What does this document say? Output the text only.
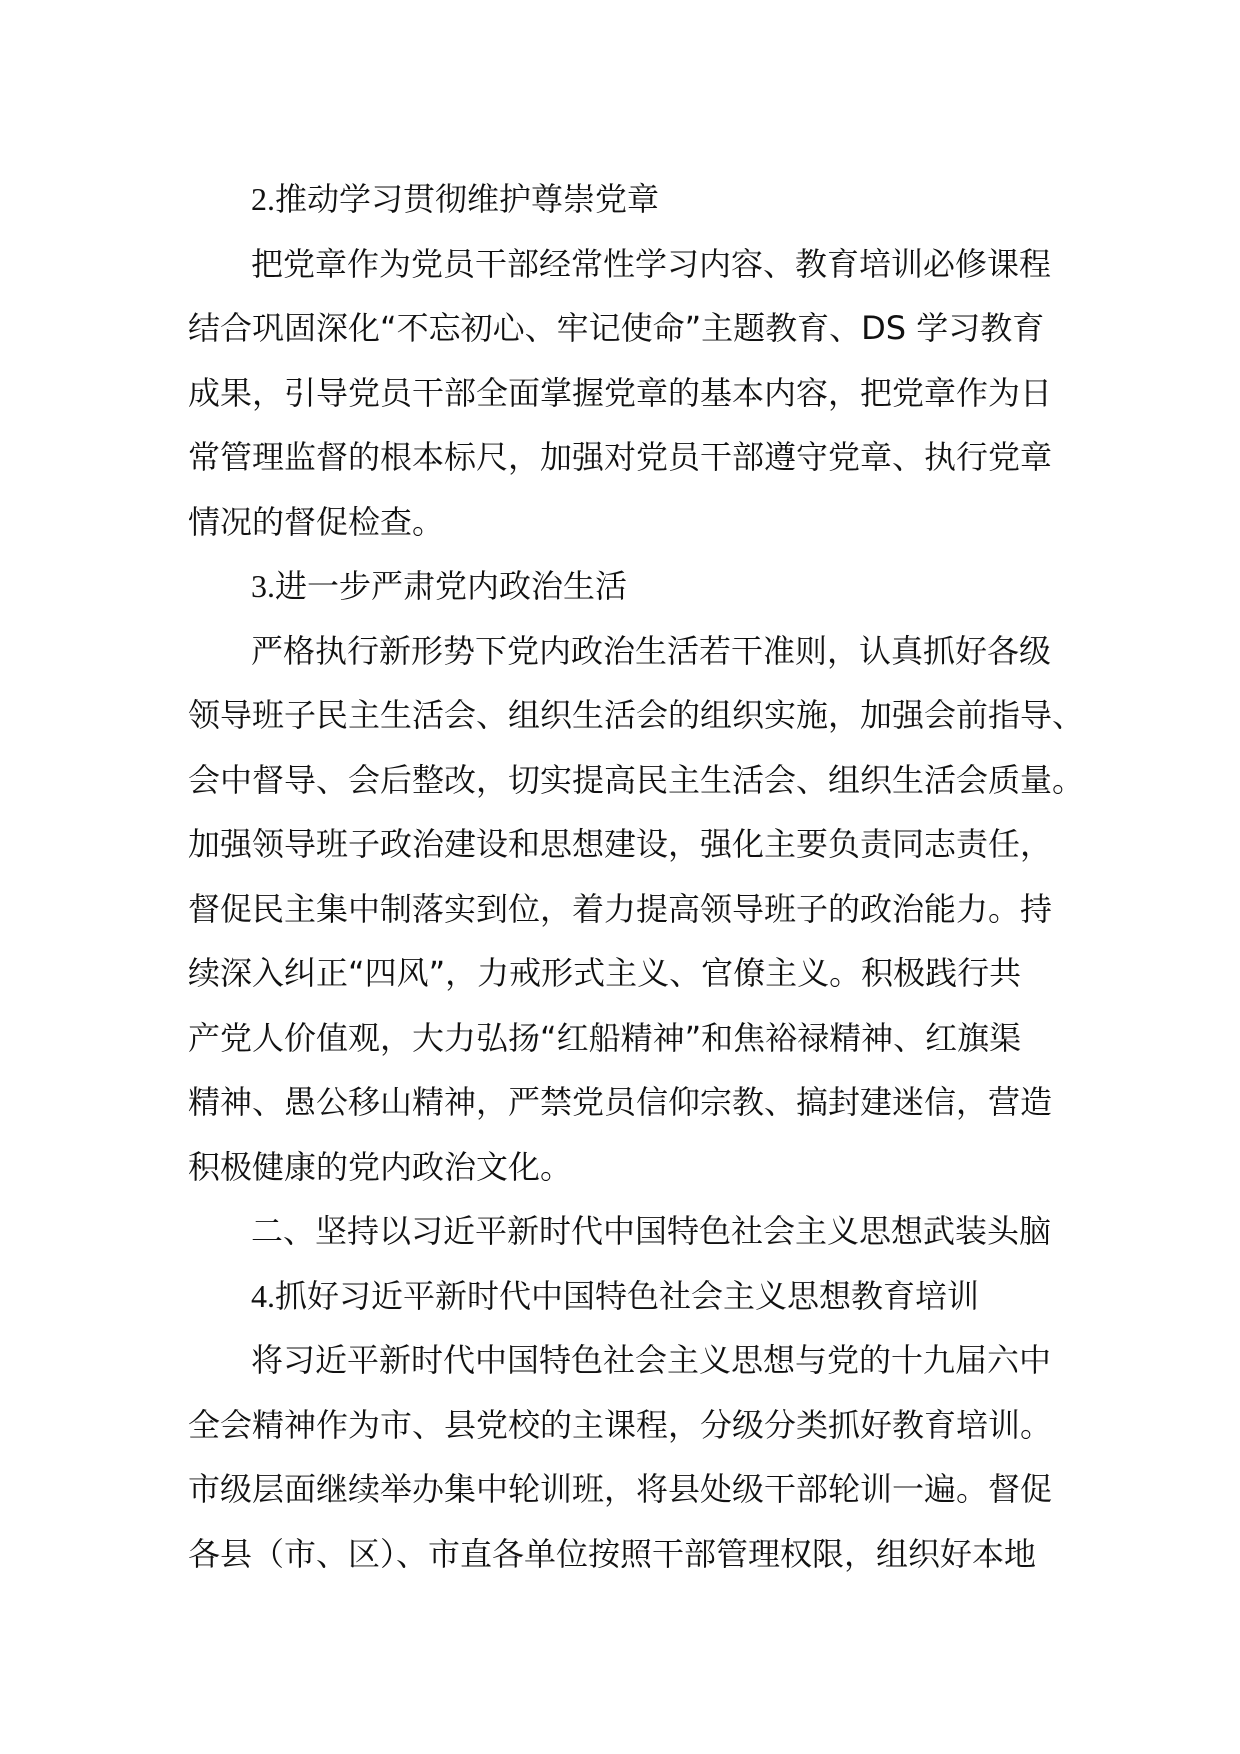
2.推动学习贯彻维护尊崇党章
把党章作为党员干部经常性学习内容、教育培训必修课程
结合巩固深化“不忘初心、牢记使命”主题教育、DS 学习教育
成果，引导党员干部全面掌握党章的基本内容，把党章作为日
常管理监督的根本标尺，加强对党员干部遵守党章、执行党章
情况的督促检查。
3.进一步严肃党内政治生活
严格执行新形势下党内政治生活若干准则，认真抓好各级
领导班子民主生活会、组织生活会的组织实施，加强会前指导、
会中督导、会后整改，切实提高民主生活会、组织生活会质量。
加强领导班子政治建设和思想建设，强化主要负责同志责任，
督促民主集中制落实到位，着力提高领导班子的政治能力。持
续深入纠正“四风”，力戒形式主义、官僚主义。积极践行共
产党人价值观，大力弘扬“红船精神”和焦裕禄精神、红旗渠
精神、愚公移山精神，严禁党员信仰宗教、搞封建迷信，营造
积极健康的党内政治文化。
二、坚持以习近平新时代中国特色社会主义思想武装头脑
4.抓好习近平新时代中国特色社会主义思想教育培训
将习近平新时代中国特色社会主义思想与党的十九届六中
全会精神作为市、县党校的主课程，分级分类抓好教育培训。
市级层面继续举办集中轮训班，将县处级干部轮训一遍。督促
各县（市、区）、市直各单位按照干部管理权限，组织好本地
